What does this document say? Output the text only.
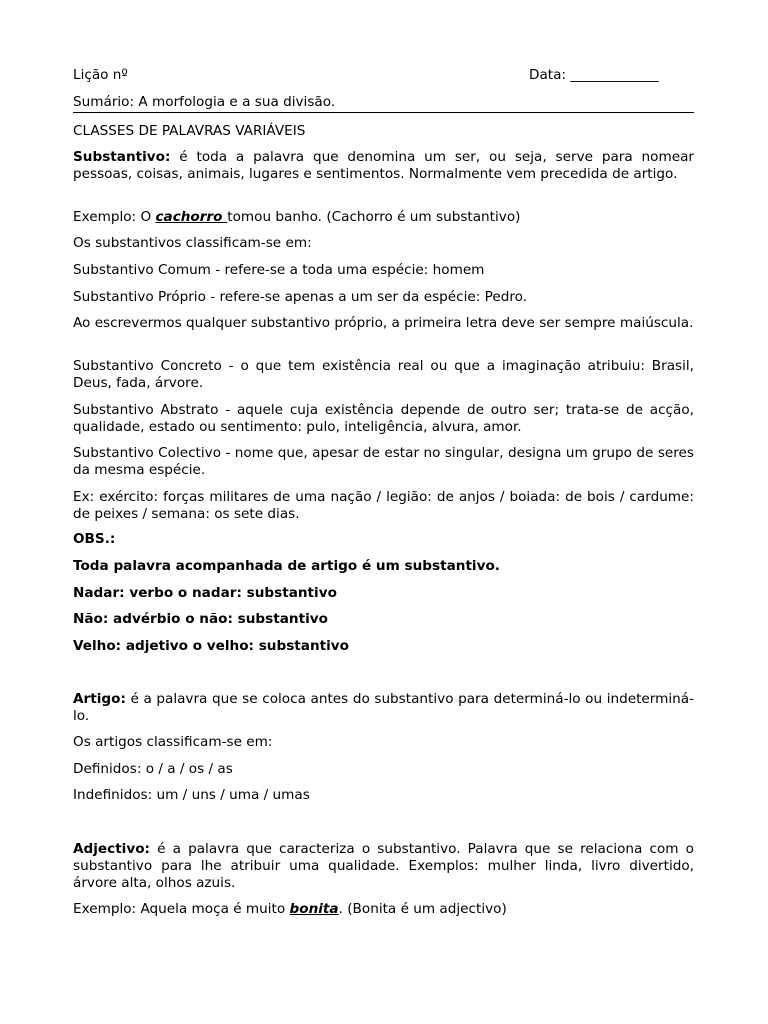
Lição nº	Data: _____________
Sumário: A morfologia e a sua divisão.
CLASSES DE PALAVRAS VARIÁVEIS
Substantivo: é toda a palavra que denomina um ser, ou seja, serve para nomear pessoas, coisas, animais, lugares e sentimentos. Normalmente vem precedida de artigo.
Exemplo: O cachorro tomou banho. (Cachorro é um substantivo)
Os substantivos classificam-se em:
Substantivo Comum - refere-se a toda uma espécie: homem
Substantivo Próprio - refere-se apenas a um ser da espécie: Pedro.
Ao escrevermos qualquer substantivo próprio, a primeira letra deve ser sempre maiúscula.
Substantivo Concreto - o que tem existência real ou que a imaginação atribuiu: Brasil, Deus, fada, árvore.
Substantivo Abstrato - aquele cuja existência depende de outro ser; trata-se de acção, qualidade, estado ou sentimento: pulo, inteligência, alvura, amor.
Substantivo Colectivo - nome que, apesar de estar no singular, designa um grupo de seres da mesma espécie.
Ex: exército: forças militares de uma nação / legião: de anjos / boiada: de bois / cardume: de peixes / semana: os sete dias.
OBS.:
Toda palavra acompanhada de artigo é um substantivo.
Nadar: verbo o nadar: substantivo
Não: advérbio o não: substantivo
Velho: adjetivo o velho: substantivo
Artigo: é a palavra que se coloca antes do substantivo para determiná-lo ou indeterminá-lo.
Os artigos classificam-se em:
Definidos: o / a / os / as
Indefinidos: um / uns / uma / umas
Adjectivo: é a palavra que caracteriza o substantivo. Palavra que se relaciona com o substantivo para lhe atribuir uma qualidade. Exemplos: mulher linda, livro divertido, árvore alta, olhos azuis.
Exemplo: Aquela moça é muito bonita. (Bonita é um adjectivo)
